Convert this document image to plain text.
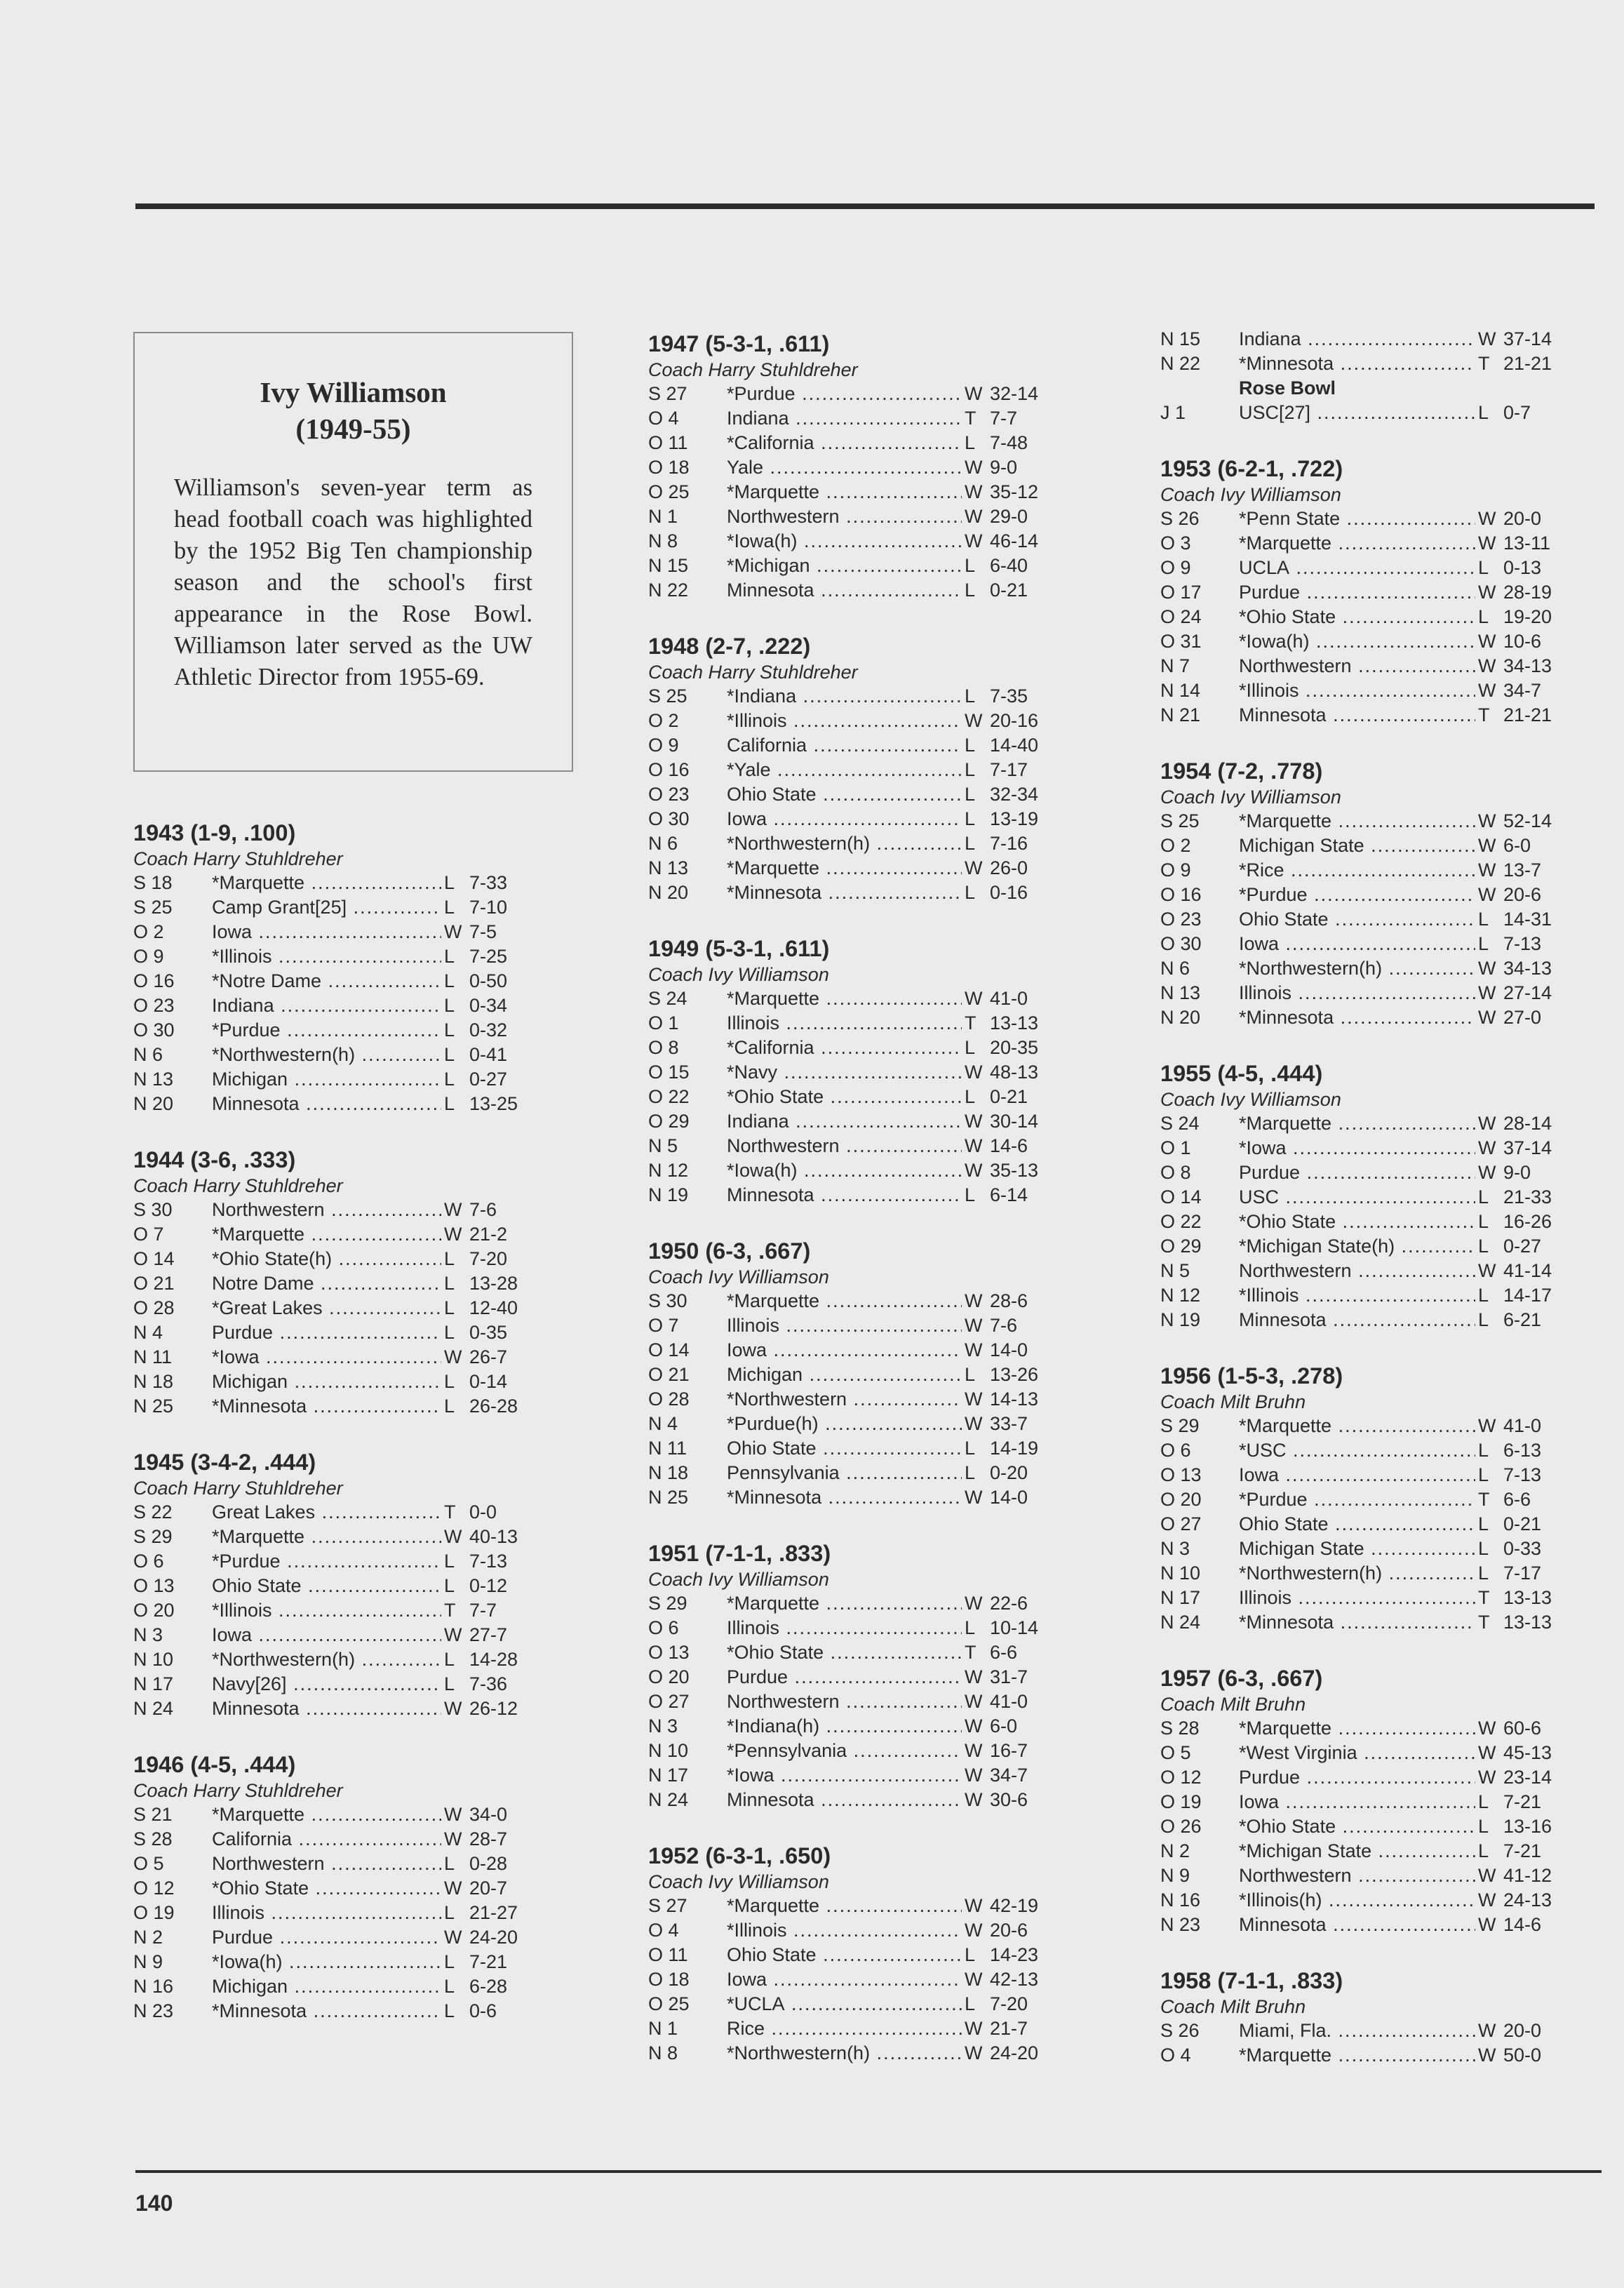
Ivy Williamson
(1949-55)
Williamson's seven-year term as head football coach was highlighted by the 1952 Big Ten championship season and the school's first appearance in the Rose Bowl. Williamson later served as the UW Athletic Director from 1955-69.
1943 (1-9, .100)
Coach Harry Stuhldreher
S 18	*Marquette .....	L 7-33
S 25	Camp Grant[25] .....	L 7-10
O 2	Iowa .....	W 7-5
O 9	*Illinois .....	L 7-25
O 16	*Notre Dame .....	L 0-50
O 23	Indiana .....	L 0-34
O 30	*Purdue .....	L 0-32
N 6	*Northwestern(h) .....	L 0-41
N 13	Michigan .....	L 0-27
N 20	Minnesota .....	L 13-25
1944 (3-6, .333)
Coach Harry Stuhldreher
S 30	Northwestern .....	W 7-6
O 7	*Marquette .....	W 21-2
O 14	*Ohio State(h) .....	L 7-20
O 21	Notre Dame .....	L 13-28
O 28	*Great Lakes .....	L 12-40
N 4	Purdue .....	L 0-35
N 11	*Iowa .....	W 26-7
N 18	Michigan .....	L 0-14
N 25	*Minnesota .....	L 26-28
1945 (3-4-2, .444)
Coach Harry Stuhldreher
S 22	Great Lakes .....	T 0-0
S 29	*Marquette .....	W 40-13
O 6	*Purdue .....	L 7-13
O 13	Ohio State .....	L 0-12
O 20	*Illinois .....	T 7-7
N 3	Iowa .....	W 27-7
N 10	*Northwestern(h) .....	L 14-28
N 17	Navy[26] .....	L 7-36
N 24	Minnesota .....	W 26-12
1946 (4-5, .444)
Coach Harry Stuhldreher
S 21	*Marquette .....	W 34-0
S 28	California .....	W 28-7
O 5	Northwestern .....	L 0-28
O 12	*Ohio State .....	W 20-7
O 19	Illinois .....	L 21-27
N 2	Purdue .....	W 24-20
N 9	*Iowa(h) .....	L 7-21
N 16	Michigan .....	L 6-28
N 23	*Minnesota .....	L 0-6
1947 (5-3-1, .611)
Coach Harry Stuhldreher
S 27	*Purdue .....	W 32-14
O 4	Indiana .....	T 7-7
O 11	*California .....	L 7-48
O 18	Yale .....	W 9-0
O 25	*Marquette .....	W 35-12
N 1	Northwestern .....	W 29-0
N 8	*Iowa(h) .....	W 46-14
N 15	*Michigan .....	L 6-40
N 22	Minnesota .....	L 0-21
1948 (2-7, .222)
Coach Harry Stuhldreher
S 25	*Indiana .....	L 7-35
O 2	*Illinois .....	W 20-16
O 9	California .....	L 14-40
O 16	*Yale .....	L 7-17
O 23	Ohio State .....	L 32-34
O 30	Iowa .....	L 13-19
N 6	*Northwestern(h) .....	L 7-16
N 13	*Marquette .....	W 26-0
N 20	*Minnesota .....	L 0-16
1949 (5-3-1, .611)
Coach Ivy Williamson
S 24	*Marquette .....	W 41-0
O 1	Illinois .....	T 13-13
O 8	*California .....	L 20-35
O 15	*Navy .....	W 48-13
O 22	*Ohio State .....	L 0-21
O 29	Indiana .....	W 30-14
N 5	Northwestern .....	W 14-6
N 12	*Iowa(h) .....	W 35-13
N 19	Minnesota .....	L 6-14
1950 (6-3, .667)
Coach Ivy Williamson
S 30	*Marquette .....	W 28-6
O 7	Illinois .....	W 7-6
O 14	Iowa .....	W 14-0
O 21	Michigan .....	L 13-26
O 28	*Northwestern .....	W 14-13
N 4	*Purdue(h) .....	W 33-7
N 11	Ohio State .....	L 14-19
N 18	Pennsylvania .....	L 0-20
N 25	*Minnesota .....	W 14-0
1951 (7-1-1, .833)
Coach Ivy Williamson
S 29	*Marquette .....	W 22-6
O 6	Illinois .....	L 10-14
O 13	*Ohio State .....	T 6-6
O 20	Purdue .....	W 31-7
O 27	Northwestern .....	W 41-0
N 3	*Indiana(h) .....	W 6-0
N 10	*Pennsylvania .....	W 16-7
N 17	*Iowa .....	W 34-7
N 24	Minnesota .....	W 30-6
1952 (6-3-1, .650)
Coach Ivy Williamson
S 27	*Marquette .....	W 42-19
O 4	*Illinois .....	W 20-6
O 11	Ohio State .....	L 14-23
O 18	Iowa .....	W 42-13
O 25	*UCLA .....	L 7-20
N 1	Rice .....	W 21-7
N 8	*Northwestern(h) .....	W 24-20
N 15	Indiana .....	W 37-14
N 22	*Minnesota .....	T 21-21
Rose Bowl
J 1	USC[27] .....	L 0-7
1953 (6-2-1, .722)
Coach Ivy Williamson
S 26	*Penn State .....	W 20-0
O 3	*Marquette .....	W 13-11
O 9	UCLA .....	L 0-13
O 17	Purdue .....	W 28-19
O 24	*Ohio State .....	L 19-20
O 31	*Iowa(h) .....	W 10-6
N 7	Northwestern .....	W 34-13
N 14	*Illinois .....	W 34-7
N 21	Minnesota .....	T 21-21
1954 (7-2, .778)
Coach Ivy Williamson
S 25	*Marquette .....	W 52-14
O 2	Michigan State .....	W 6-0
O 9	*Rice .....	W 13-7
O 16	*Purdue .....	W 20-6
O 23	Ohio State .....	L 14-31
O 30	Iowa .....	L 7-13
N 6	*Northwestern(h) .....	W 34-13
N 13	Illinois .....	W 27-14
N 20	*Minnesota .....	W 27-0
1955 (4-5, .444)
Coach Ivy Williamson
S 24	*Marquette .....	W 28-14
O 1	*Iowa .....	W 37-14
O 8	Purdue .....	W 9-0
O 14	USC .....	L 21-33
O 22	*Ohio State .....	L 16-26
O 29	*Michigan State(h) .....	L 0-27
N 5	Northwestern .....	W 41-14
N 12	*Illinois .....	L 14-17
N 19	Minnesota .....	L 6-21
1956 (1-5-3, .278)
Coach Milt Bruhn
S 29	*Marquette .....	W 41-0
O 6	*USC .....	L 6-13
O 13	Iowa .....	L 7-13
O 20	*Purdue .....	T 6-6
O 27	Ohio State .....	L 0-21
N 3	Michigan State .....	L 0-33
N 10	*Northwestern(h) .....	L 7-17
N 17	Illinois .....	T 13-13
N 24	*Minnesota .....	T 13-13
1957 (6-3, .667)
Coach Milt Bruhn
S 28	*Marquette .....	W 60-6
O 5	*West Virginia .....	W 45-13
O 12	Purdue .....	W 23-14
O 19	Iowa .....	L 7-21
O 26	*Ohio State .....	L 13-16
N 2	*Michigan State .....	L 7-21
N 9	Northwestern .....	W 41-12
N 16	*Illinois(h) .....	W 24-13
N 23	Minnesota .....	W 14-6
1958 (7-1-1, .833)
Coach Milt Bruhn
S 26	Miami, Fla. .....	W 20-0
O 4	*Marquette .....	W 50-0
140
